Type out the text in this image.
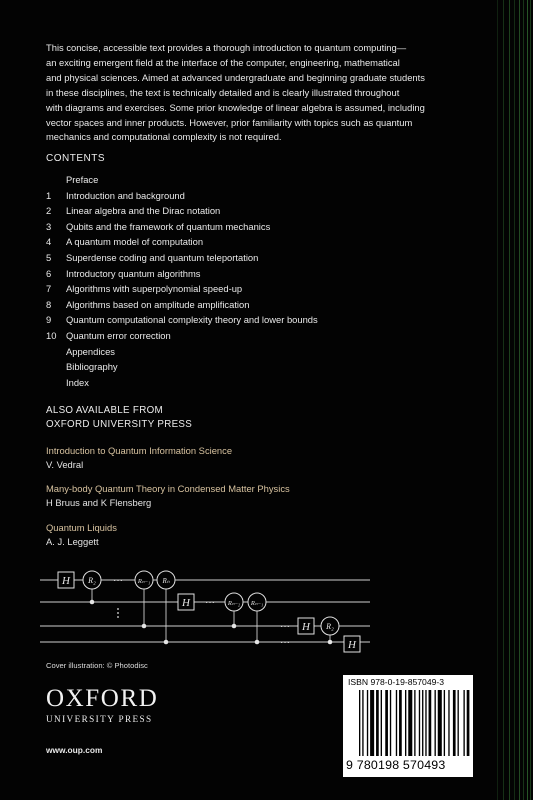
This concise, accessible text provides a thorough introduction to quantum computing—
an exciting emergent field at the interface of the computer, engineering, mathematical
and physical sciences. Aimed at advanced undergraduate and beginning graduate students
in these disciplines, the text is technically detailed and is clearly illustrated throughout
with diagrams and exercises. Some prior knowledge of linear algebra is assumed, including
vector spaces and inner products. However, prior familiarity with topics such as quantum
mechanics and computational complexity is not required.
CONTENTS
Preface
1	Introduction and background
2	Linear algebra and the Dirac notation
3	Qubits and the framework of quantum mechanics
4	A quantum model of computation
5	Superdense coding and quantum teleportation
6	Introductory quantum algorithms
7	Algorithms with superpolynomial speed-up
8	Algorithms based on amplitude amplification
9	Quantum computational complexity theory and lower bounds
10	Quantum error correction
Appendices
Bibliography
Index
ALSO AVAILABLE FROM
OXFORD UNIVERSITY PRESS
Introduction to Quantum Information Science
V. Vedral
Many-body Quantum Theory in Condensed Matter Physics
H Bruus and K Flensberg
Quantum Liquids
A. J. Leggett
H R₂	Rₙ₋₁ Rₙ
H	Rₙ₋₂ Rₙ₋₁
H R₂
H
···
···
···
···
Cover illustration: © Photodisc
OXFORD
UNIVERSITY PRESS
www.oup.com
ISBN 978-0-19-857049-3
9 780198 570493
